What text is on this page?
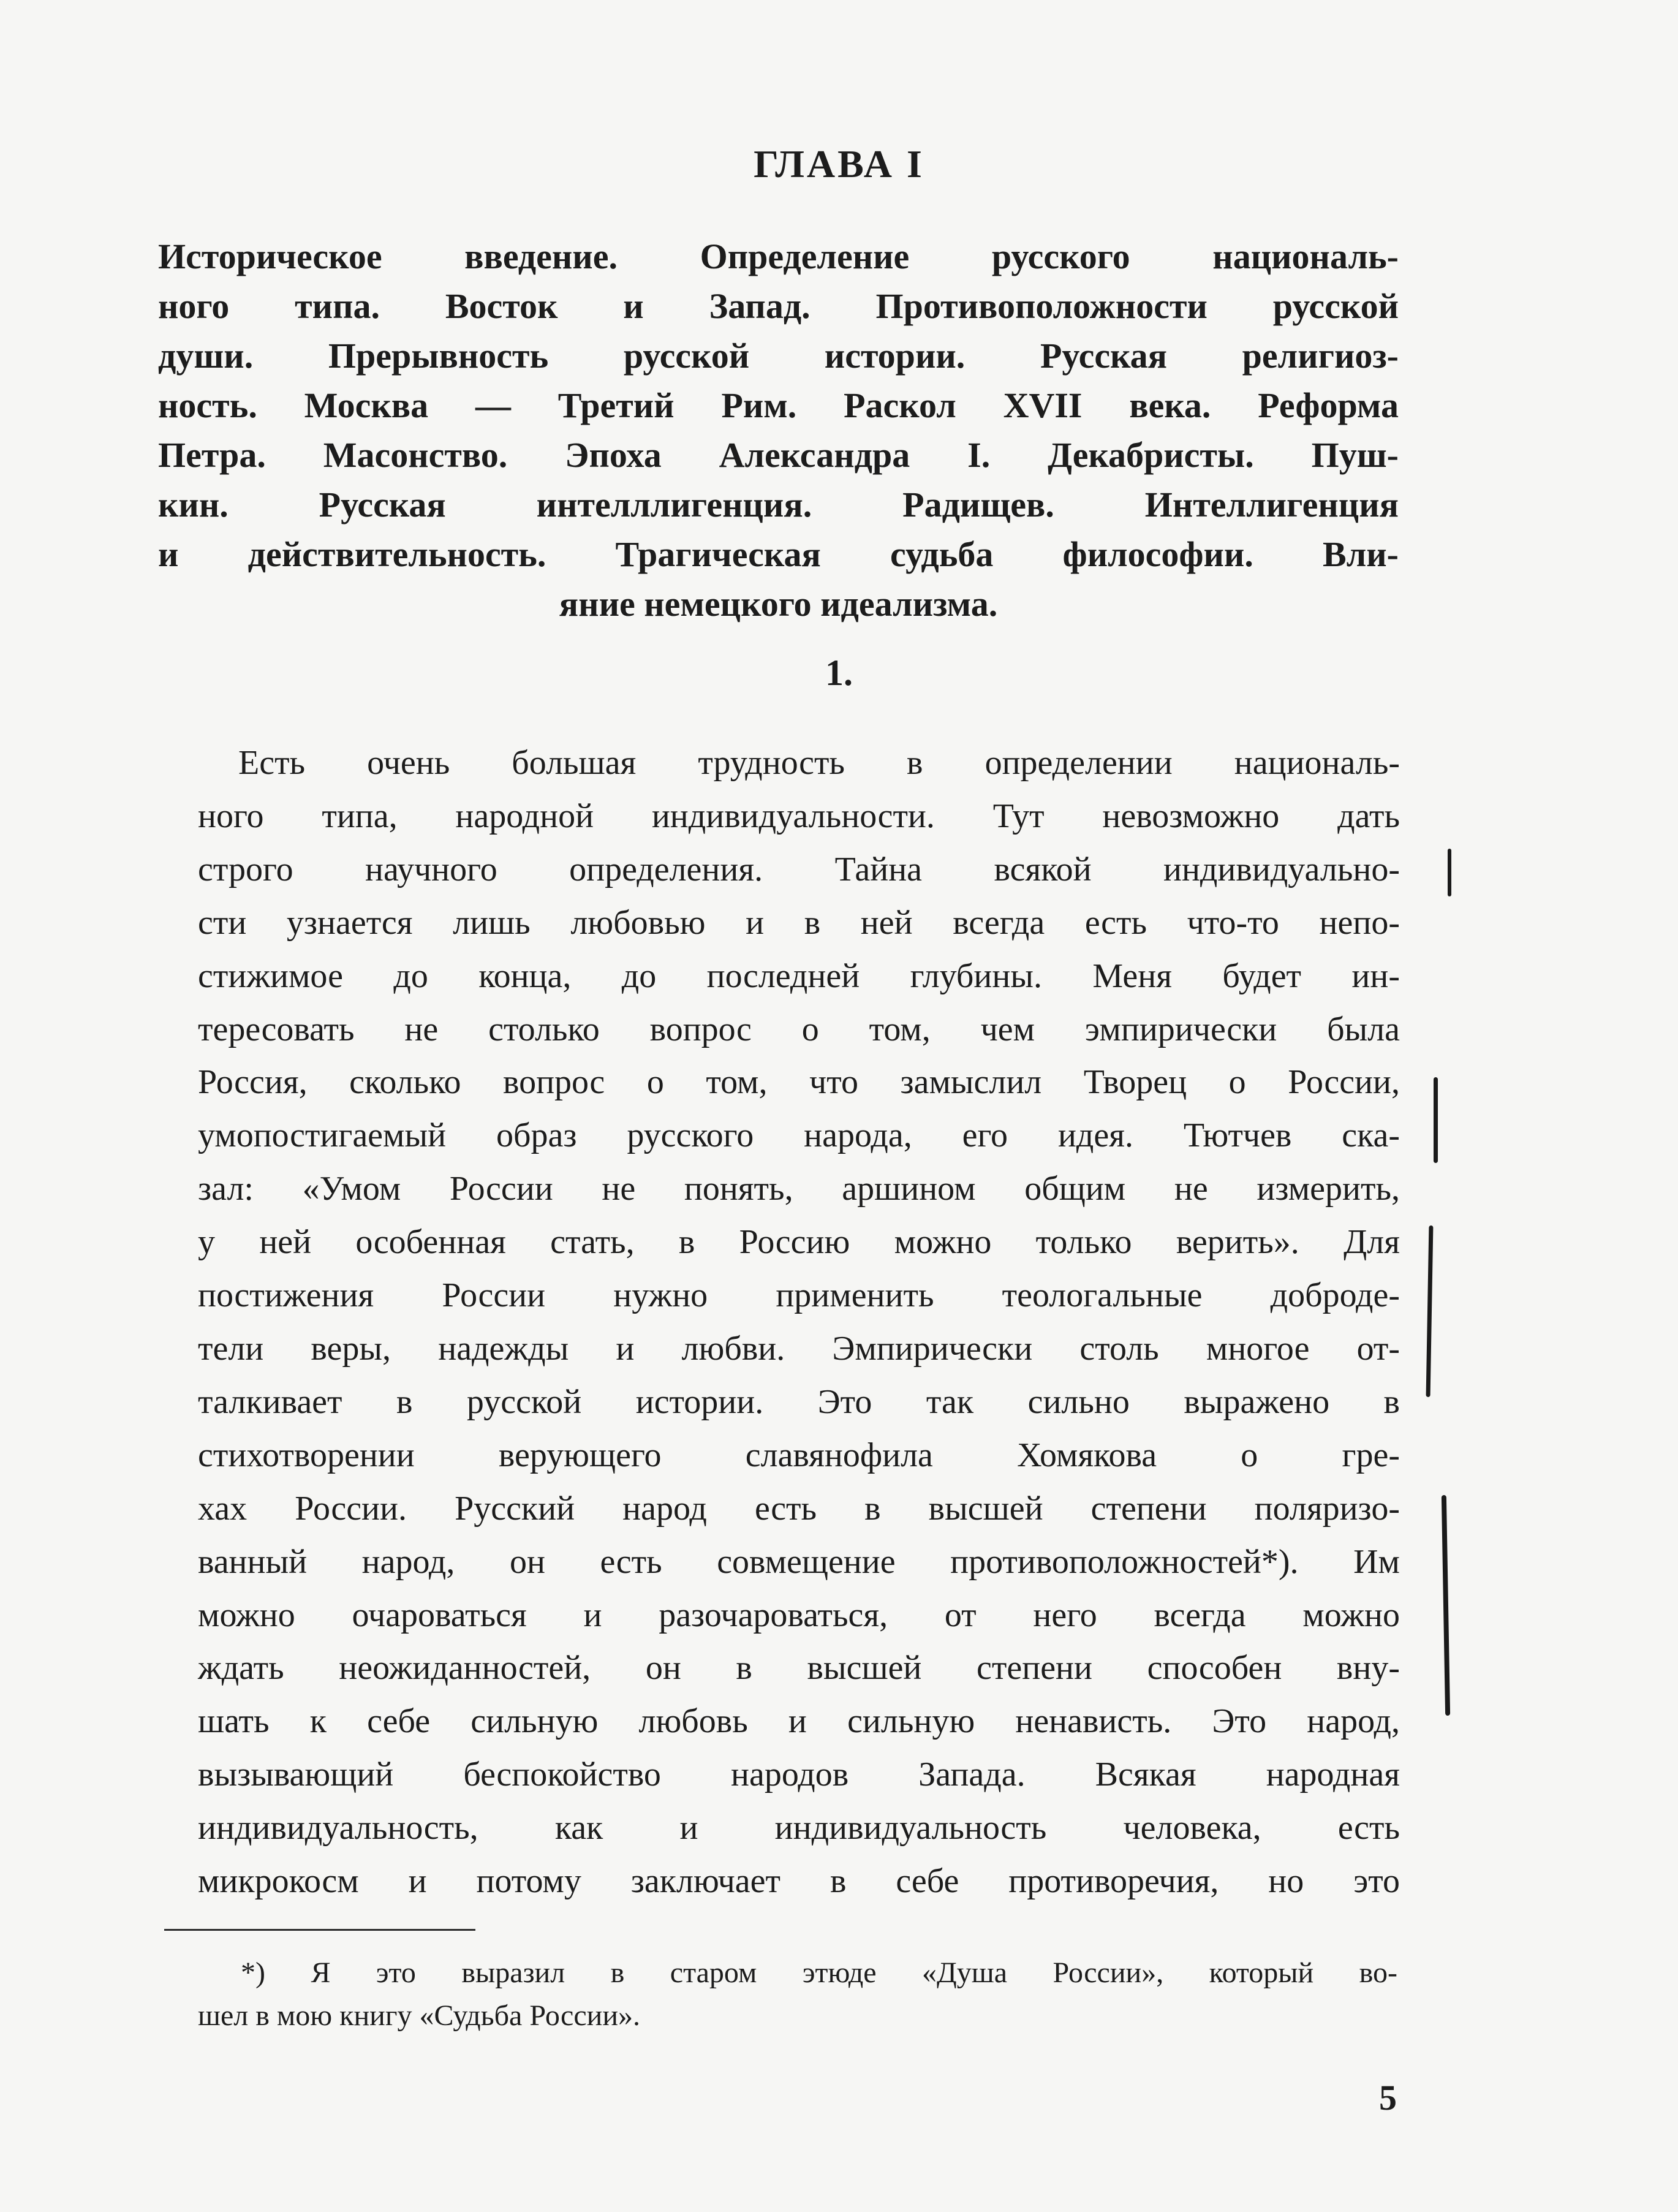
ГЛАВА I
Историческое введение. Определение русского националь-
ного типа. Восток и Запад. Противоположности русской
души. Прерывность русской истории. Русская религиоз-
ность. Москва — Третий Рим. Раскол XVII века. Реформа
Петра. Масонство. Эпоха Александра I. Декабристы. Пуш-
кин. Русская интелллигенция. Радищев. Интеллигенция
и действительность. Трагическая судьба философии. Вли-
яние немецкого идеализма.
1.
Есть очень большая трудность в определении националь-
ного типа, народной индивидуальности. Тут невозможно дать
строго научного определения. Тайна всякой индивидуально-
сти узнается лишь любовью и в ней всегда есть что-то непо-
стижимое до конца, до последней глубины. Меня будет ин-
тересовать не столько вопрос о том, чем эмпирически была
Россия, сколько вопрос о том, что замыслил Творец о России,
умопостигаемый образ русского народа, его идея. Тютчев ска-
зал: «Умом России не понять, аршином общим не измерить,
у ней особенная стать, в Россию можно только верить». Для
постижения России нужно применить теологальные доброде-
тели веры, надежды и любви. Эмпирически столь многое от-
талкивает в русской истории. Это так сильно выражено в
стихотворении верующего славянофила Хомякова о гре-
хах России. Русский народ есть в высшей степени поляризо-
ванный народ, он есть совмещение противоположностей*). Им
можно очароваться и разочароваться, от него всегда можно
ждать неожиданностей, он в высшей степени способен вну-
шать к себе сильную любовь и сильную ненависть. Это народ,
вызывающий беспокойство народов Запада. Всякая народная
индивидуальность, как и индивидуальность человека, есть
микрокосм и потому заключает в себе противоречия, но это
*) Я это выразил в старом этюде «Душа России», который во-
шел в мою книгу «Судьба России».
5
